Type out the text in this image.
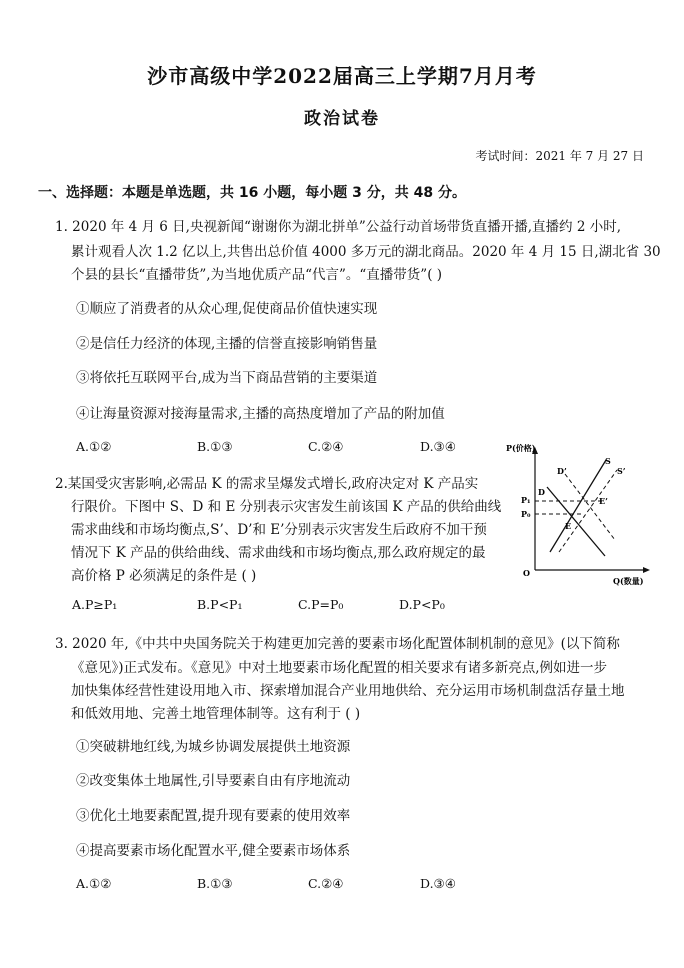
沙市高级中学2022届高三上学期7月月考
政治试卷
考试时间：2021 年 7 月 27 日
一、选择题：本题是单选题，共 16 小题，每小题 3 分，共 48 分。
1. 2020 年 4 月 6 日,央视新闻“谢谢你为湖北拼单”公益行动首场带货直播开播,直播约 2 小时,
累计观看人次 1.2 亿以上,共售出总价值 4000 多万元的湖北商品。2020 年 4 月 15 日,湖北省 30
个县的县长“直播带货”,为当地优质产品“代言”。“直播带货”( )
①顺应了消费者的从众心理,促使商品价值快速实现
②是信任力经济的体现,主播的信誉直接影响销售量
③将依托互联网平台,成为当下商品营销的主要渠道
④让海量资源对接海量需求,主播的高热度增加了产品的附加值
A.①②	B.①③	C.②④	D.③④
2.某国受灾害影响,必需品 K 的需求呈爆发式增长,政府决定对 K 产品实
行限价。下图中 S、D 和 E 分别表示灾害发生前该国 K 产品的供给曲线
需求曲线和市场均衡点,S’、D’和 E’分别表示灾害发生后政府不加干预
情况下 K 产品的供给曲线、需求曲线和市场均衡点,那么政府规定的最
高价格 P 必须满足的条件是 ( )
P(价格)
Q(数量)
O
P₁
P₀
D’
S
S’
D
E’
E
A.P≥P₁	B.P<P₁	C.P=P₀	D.P<P₀
3. 2020 年,《中共中央国务院关于构建更加完善的要素市场化配置体制机制的意见》(以下简称
《意见》)正式发布。《意见》中对土地要素市场化配置的相关要求有诸多新亮点,例如进一步
加快集体经营性建设用地入市、探索增加混合产业用地供给、充分运用市场机制盘活存量土地
和低效用地、完善土地管理体制等。这有利于 ( )
①突破耕地红线,为城乡协调发展提供土地资源
②改变集体土地属性,引导要素自由有序地流动
③优化土地要素配置,提升现有要素的使用效率
④提高要素市场化配置水平,健全要素市场体系
A.①②	B.①③	C.②④	D.③④
